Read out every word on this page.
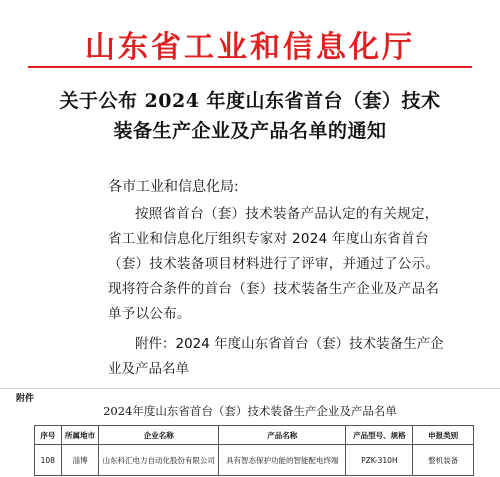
山东省工业和信息化厅
关于公布 2024 年度山东省首台（套）技术
装备生产企业及产品名单的通知
各市工业和信息化局:
按照省首台（套）技术装备产品认定的有关规定，省工业和信息化厅组织专家对 2024 年度山东省首台（套）技术装备项目材料进行了评审，并通过了公示。现将符合条件的首台（套）技术装备生产企业及产品名单予以公布。
附件：2024 年度山东省首台（套）技术装备生产企业及产品名单
附件
2024年度山东省首台（套）技术装备生产企业及产品名单
序号	所属地市	企业名称	产品名称	产品型号、规格	申报类别
108	淄博	山东科汇电力自动化股份有限公司	具有智态保护功能的智能配电终端	PZK-310H	整机装备
